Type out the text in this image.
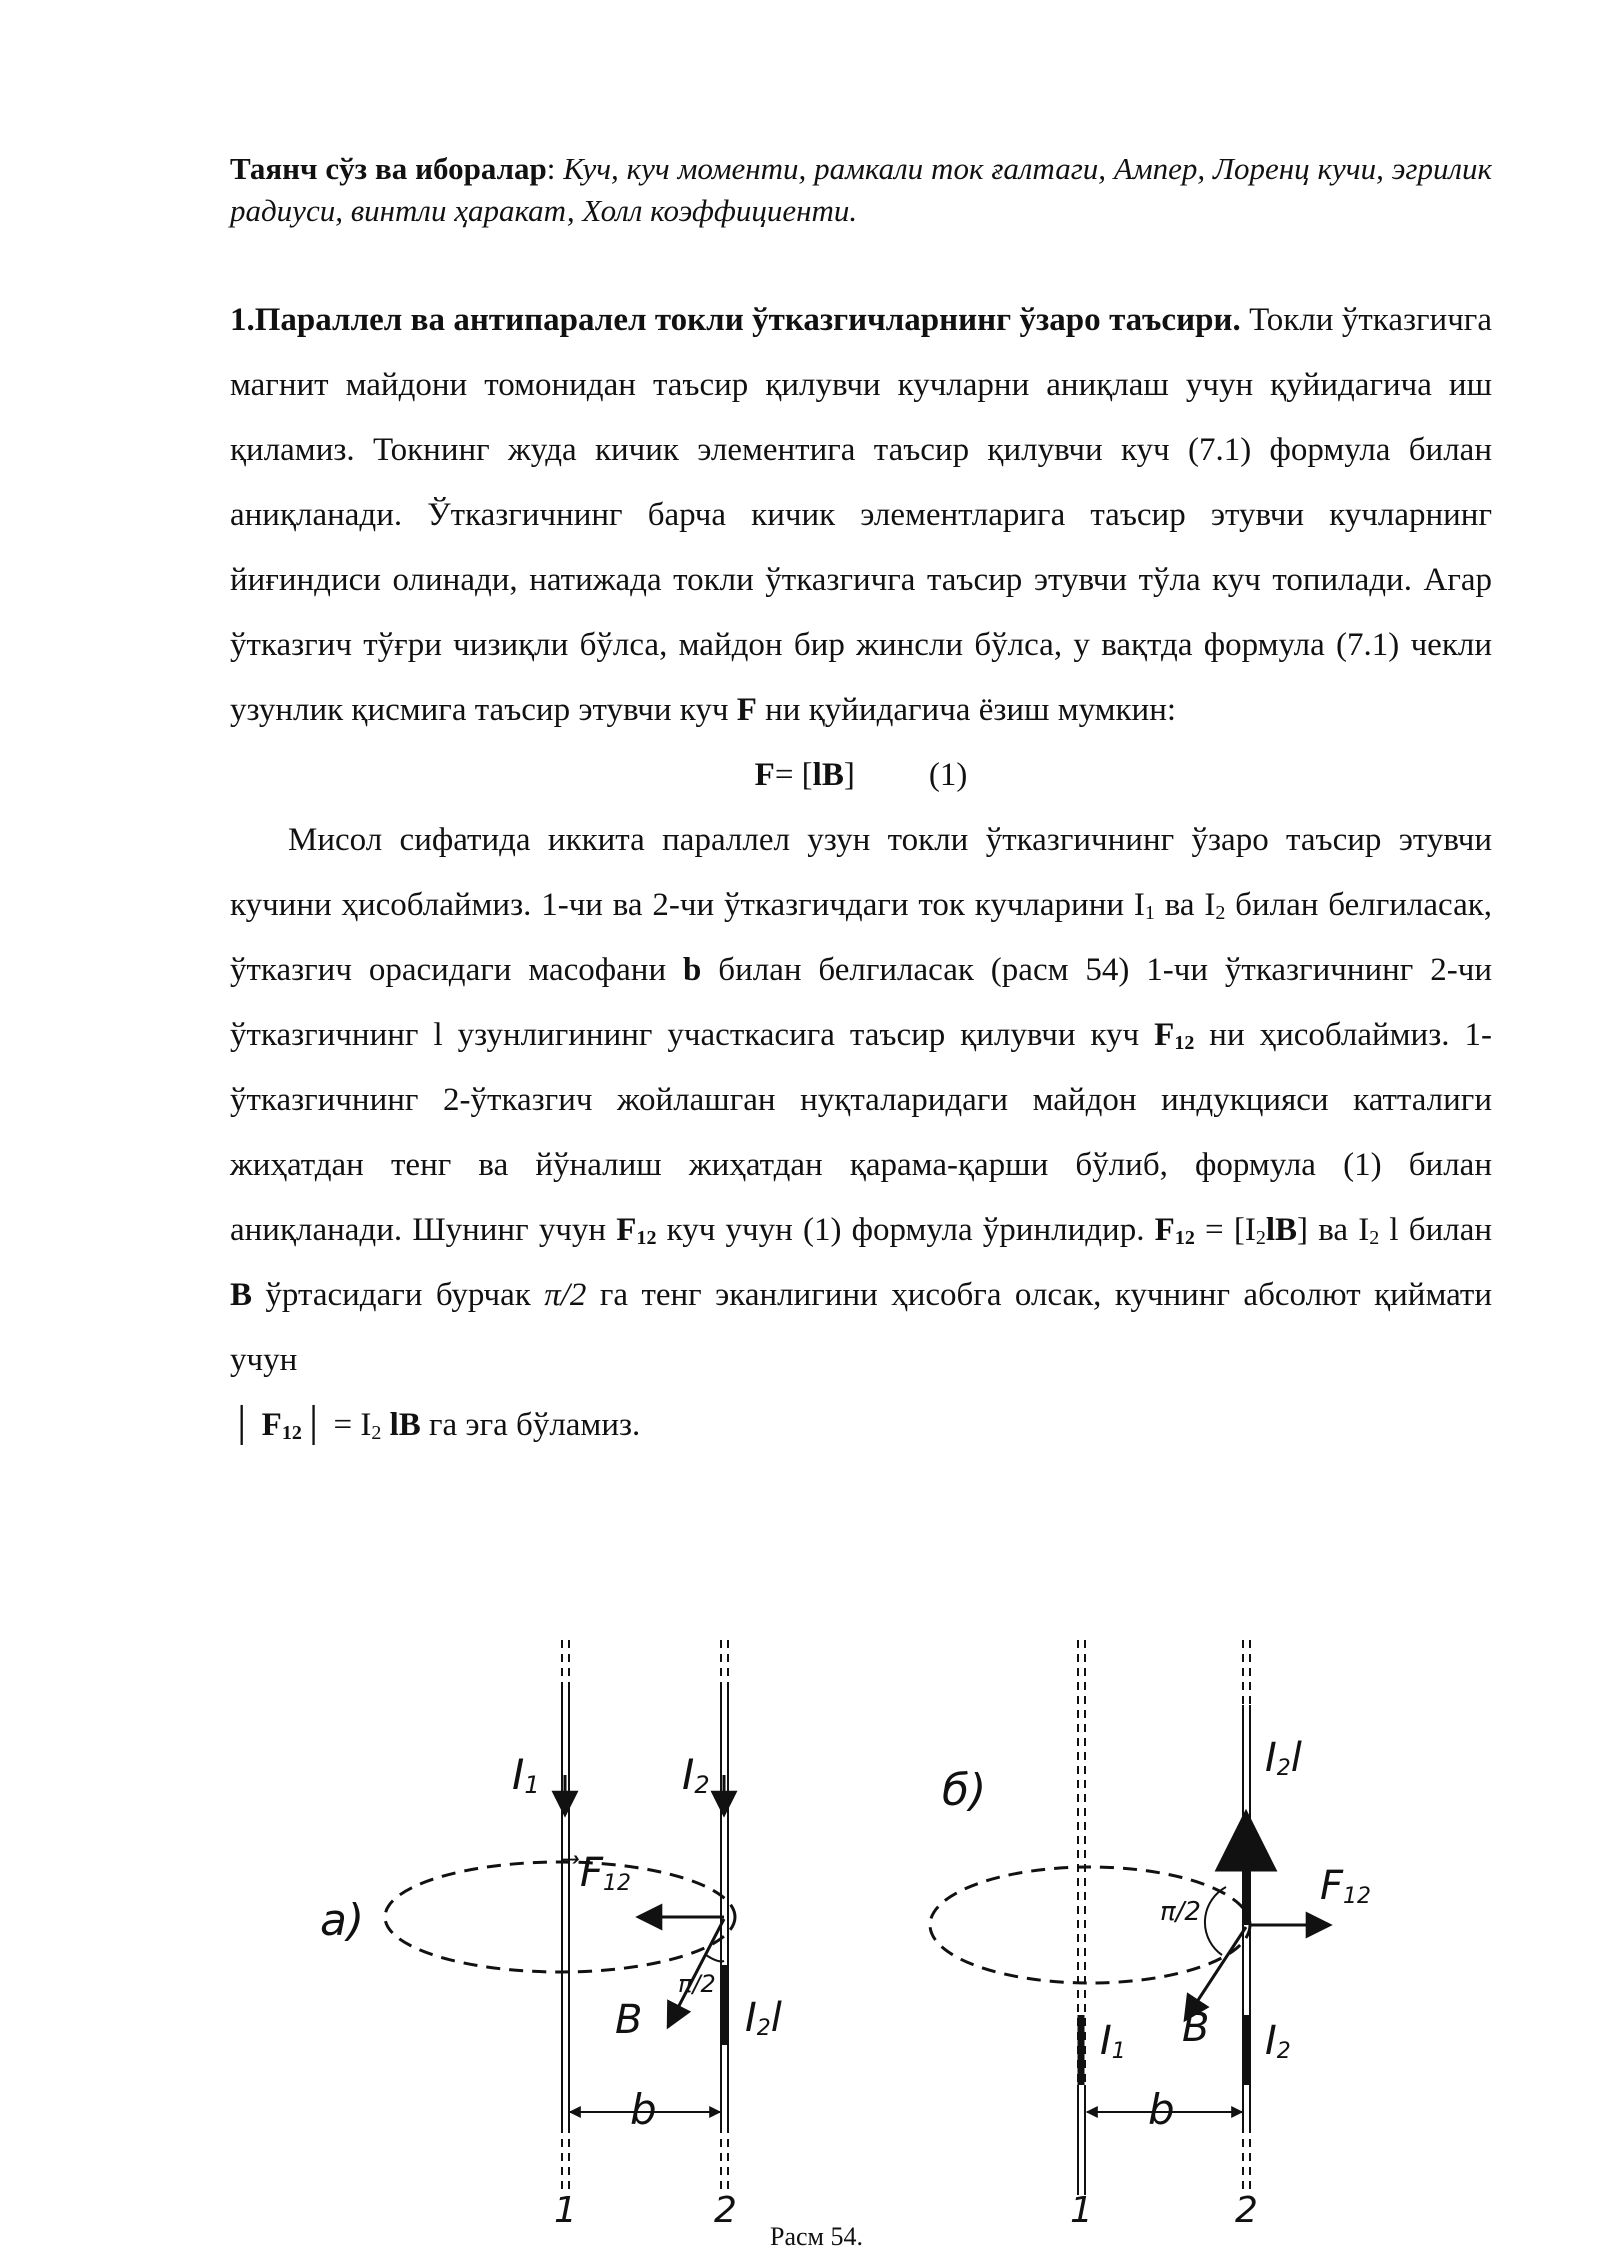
Таянч сўз ва иборалар: Куч, куч моменти, рамкали ток ғалтаги, Ампер, Лоренц кучи, эгрилик радиуси, винтли ҳаракат, Холл коэффициенти.

1.Параллел ва антипаралел токли ўтказгичларнинг ўзаро таъсири. Токли ўтказгичга магнит майдони томонидан таъсир қилувчи кучларни аниқлаш учун қуйидагича иш қиламиз. Токнинг жуда кичик элементига таъсир қилувчи куч (7.1) формула билан аниқланади. Ўтказгичнинг барча кичик элементларига таъсир этувчи кучларнинг йиғиндиси олинади, натижада токли ўтказгичга таъсир этувчи тўла куч топилади. Агар ўтказгич тўғри чизиқли бўлса, майдон бир жинсли бўлса, у вақтда формула (7.1) чекли узунлик қисмига таъсир этувчи куч F ни қуйидагича ёзиш мумкин:

F= [lB] (1)

Мисол сифатида иккита параллел узун токли ўтказгичнинг ўзаро таъсир этувчи кучини ҳисоблаймиз. 1-чи ва 2-чи ўтказгичдаги ток кучларини $I_1$ ва $I_2$ билан белгиласак, ўтказгич орасидаги масофани b билан белгиласак (расм 54) 1-чи ўтказгичнинг 2-чи ўтказгичнинг l узунлигининг участкасига таъсир қилувчи куч $F_{12}$ ни ҳисоблаймиз. 1-ўтказгичнинг 2-ўтказгич жойлашган нуқталаридаги майдон индукцияси катталиги жиҳатдан тенг ва йўналиш жиҳатдан қарама-қарши бўлиб, формула (1) билан аниқланади. Шунинг учун $F_{12}$ куч учун (1) формула ўринлидир. $F_{12} = [I_2lB]$ ва $I_2$ l билан B ўртасидаги бурчак π/2 га тенг эканлигини ҳисобга олсак, кучнинг абсолют қиймати учун
│ $F_{12}│ = I_2$ lB га эга бўламиз.

а)
$I_1$	$I_2$
$F_{12}$
B
π/2
$I_2l$
b
1	2
б)
$I_2l$
$F_{12}$
π/2
B
$I_1$	$I_2$
b
1	2
Расм 54.
